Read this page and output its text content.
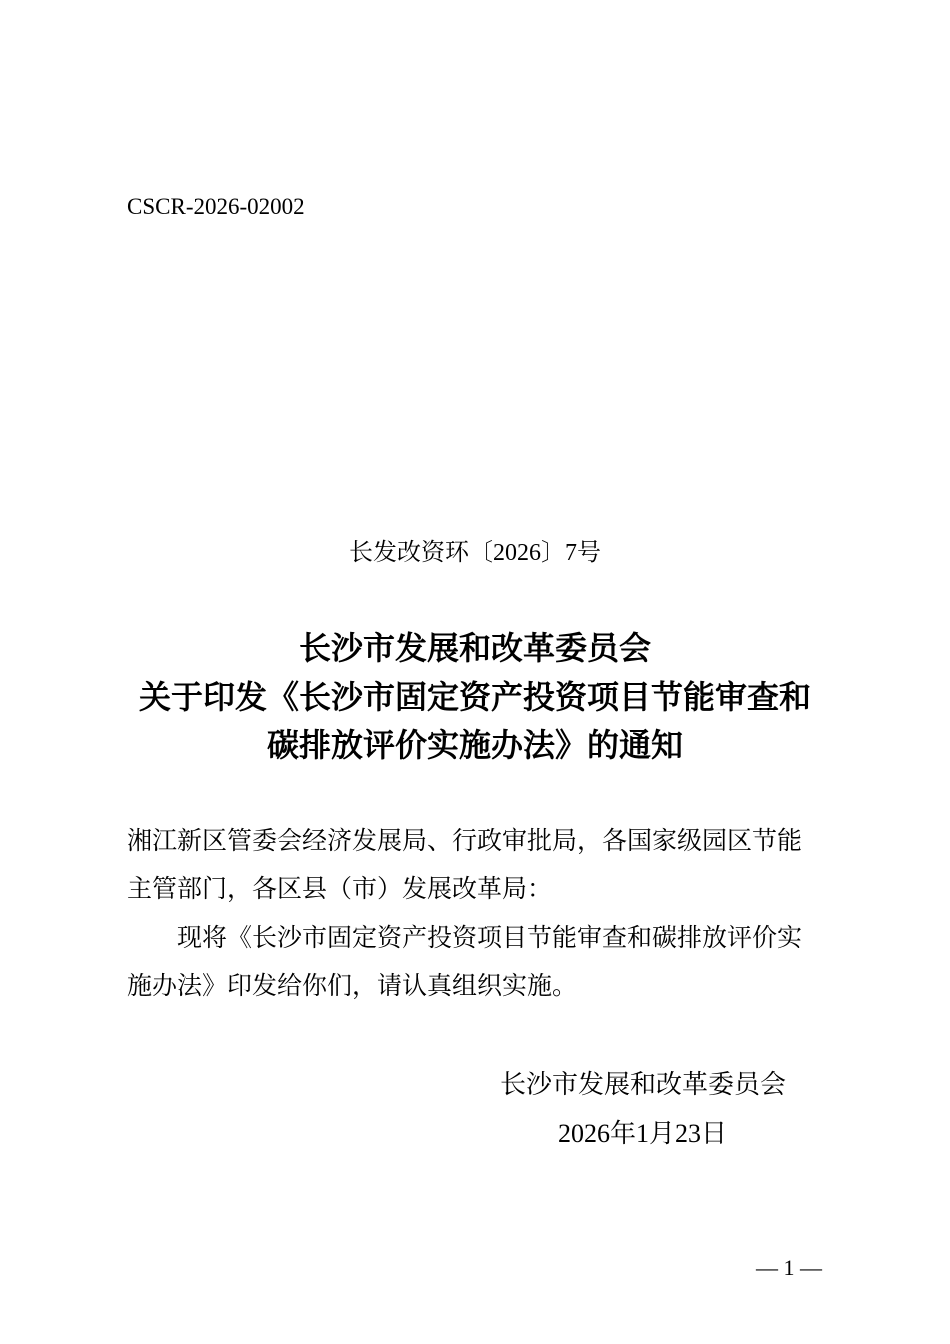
CSCR-2026-02002
长发改资环〔2026〕7号
长沙市发展和改革委员会
关于印发《长沙市固定资产投资项目节能审查和
碳排放评价实施办法》的通知
湘江新区管委会经济发展局、行政审批局，各国家级园区节能
主管部门，各区县（市）发展改革局：
　　现将《长沙市固定资产投资项目节能审查和碳排放评价实
施办法》印发给你们，请认真组织实施。
长沙市发展和改革委员会
2026年1月23日
— 1 —
